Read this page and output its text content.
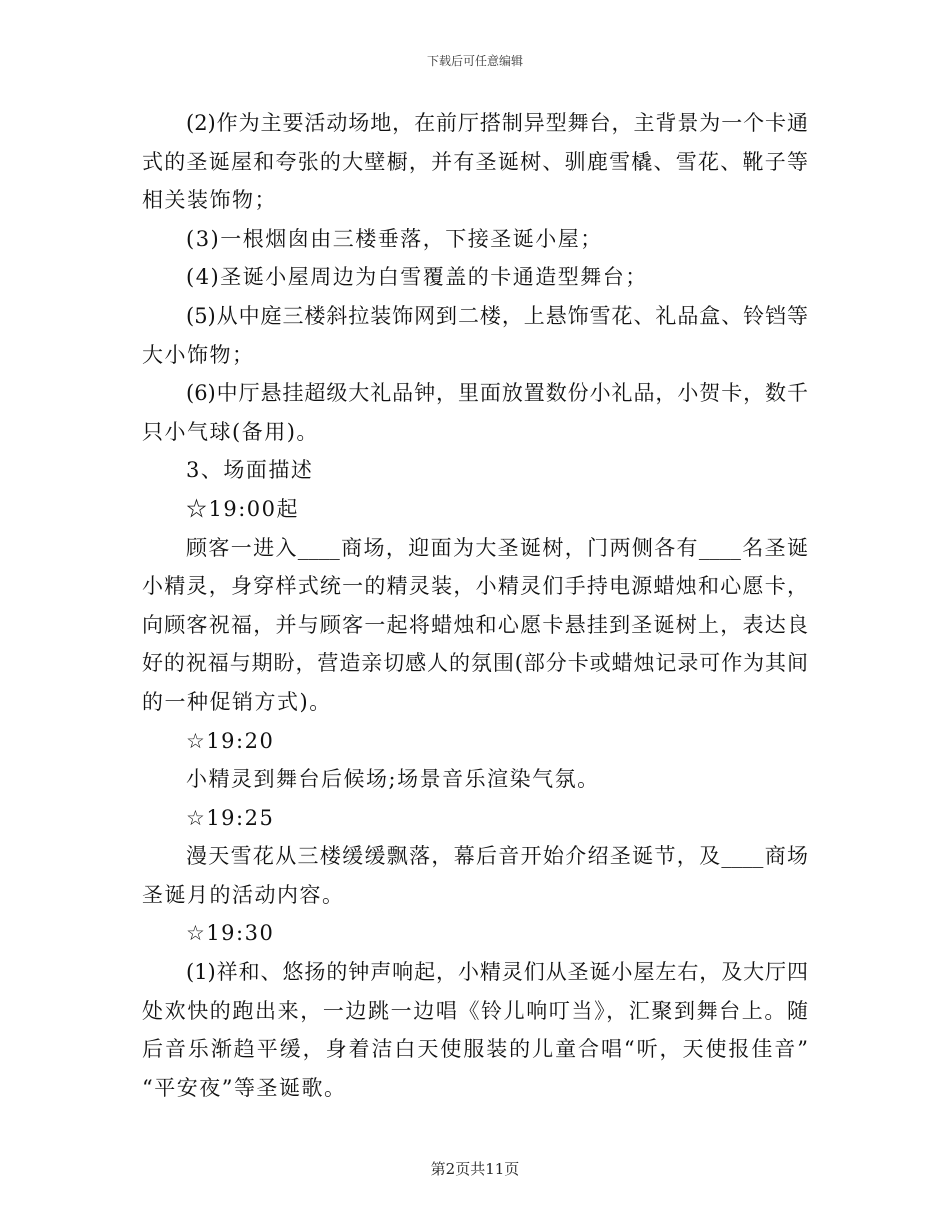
下载后可任意编辑
(2)作为主要活动场地，在前厅搭制异型舞台，主背景为一个卡通
式的圣诞屋和夸张的大壁橱，并有圣诞树、驯鹿雪橇、雪花、靴子等
相关装饰物；
(3)一根烟囱由三楼垂落，下接圣诞小屋；
(4)圣诞小屋周边为白雪覆盖的卡通造型舞台；
(5)从中庭三楼斜拉装饰网到二楼，上悬饰雪花、礼品盒、铃铛等
大小饰物；
(6)中厅悬挂超级大礼品钟，里面放置数份小礼品，小贺卡，数千
只小气球(备用)。
3、场面描述
☆19:00起
顾客一进入____商场，迎面为大圣诞树，门两侧各有____名圣诞
小精灵，身穿样式统一的精灵装，小精灵们手持电源蜡烛和心愿卡，
向顾客祝福，并与顾客一起将蜡烛和心愿卡悬挂到圣诞树上，表达良
好的祝福与期盼，营造亲切感人的氛围(部分卡或蜡烛记录可作为其间
的一种促销方式)。
☆19:20
小精灵到舞台后候场;场景音乐渲染气氛。
☆19:25
漫天雪花从三楼缓缓飘落，幕后音开始介绍圣诞节，及____商场
圣诞月的活动内容。
☆19:30
(1)祥和、悠扬的钟声响起，小精灵们从圣诞小屋左右，及大厅四
处欢快的跑出来，一边跳一边唱《铃儿响叮当》，汇聚到舞台上。随
后音乐渐趋平缓，身着洁白天使服装的儿童合唱“听，天使报佳音”
“平安夜”等圣诞歌。
第2页共11页
